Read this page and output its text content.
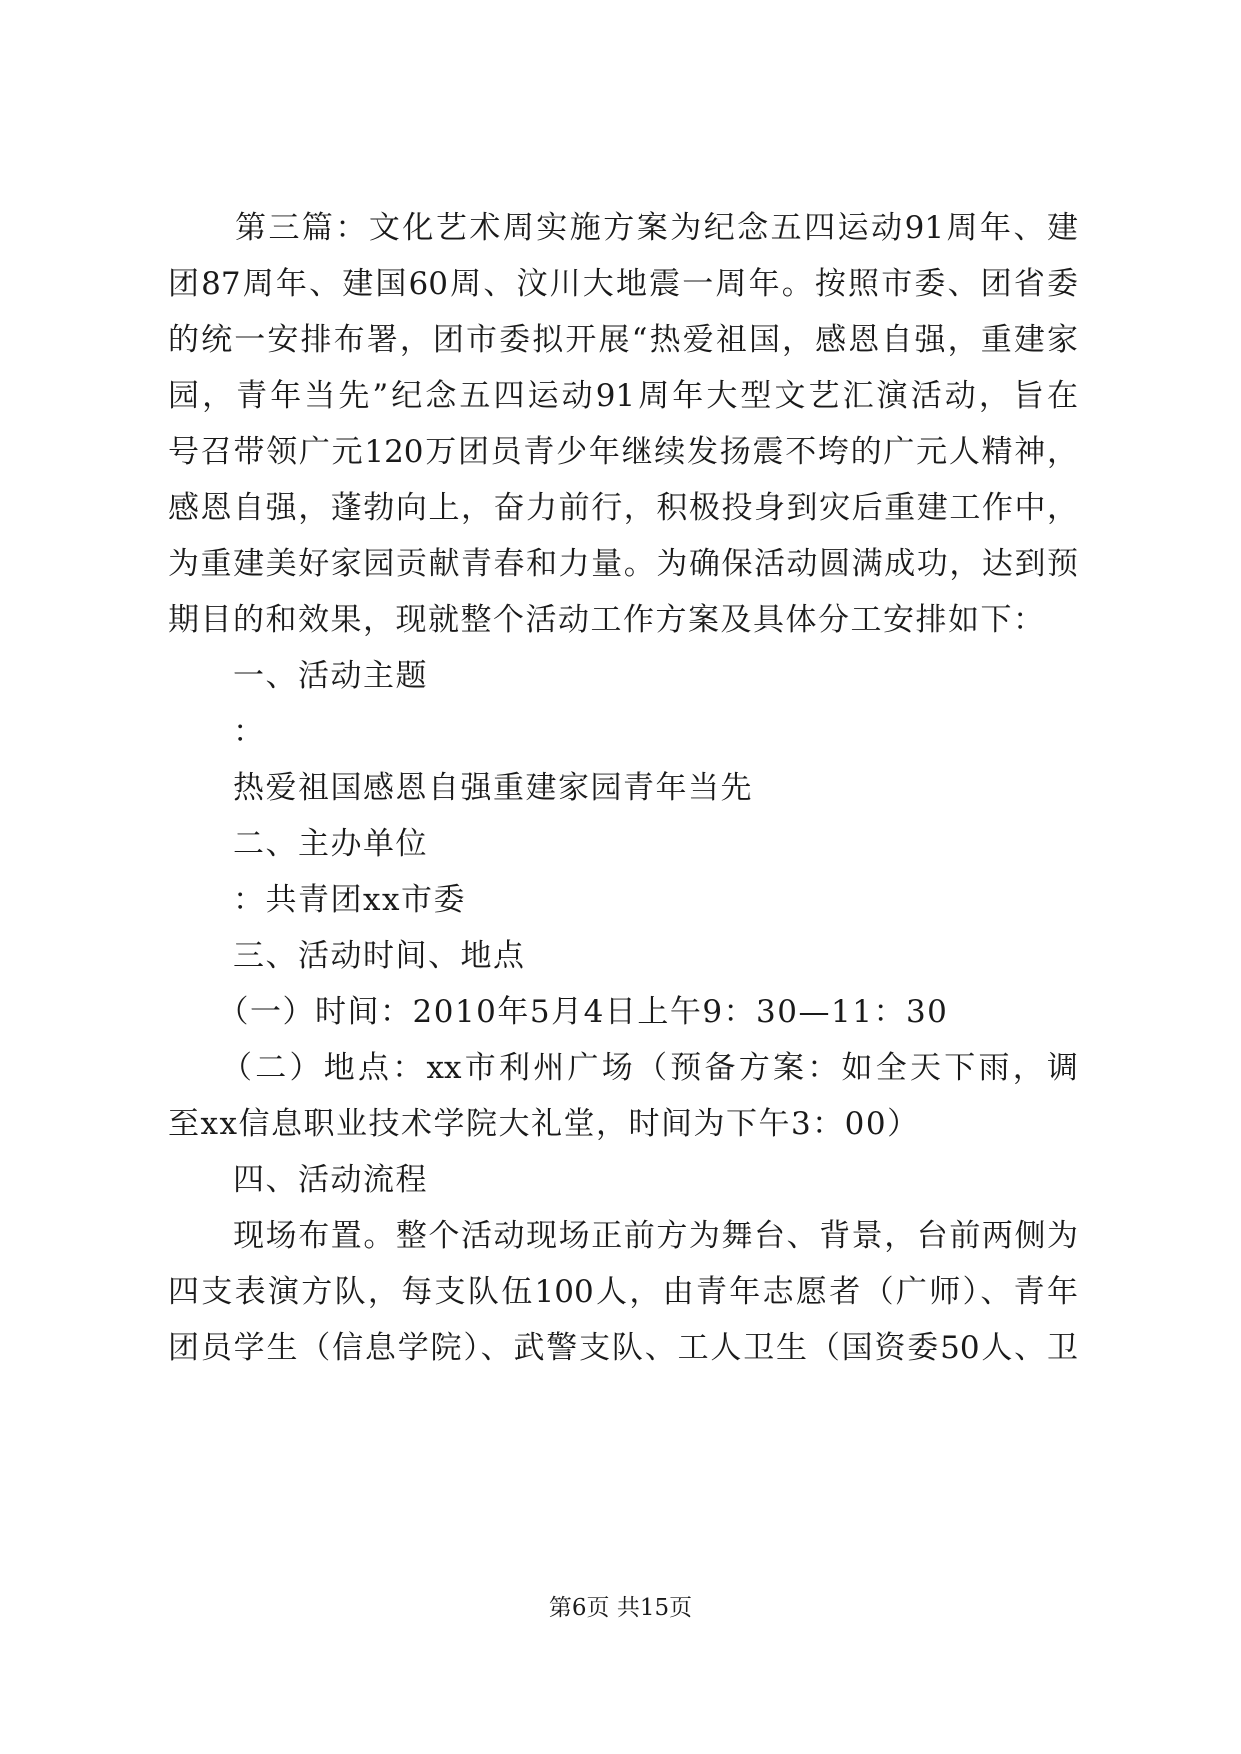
　　第三篇：文化艺术周实施方案为纪念五四运动91周年、建
团87周年、建国60周、汶川大地震一周年。按照市委、团省委
的统一安排布署，团市委拟开展“热爱祖国，感恩自强，重建家
园，青年当先”纪念五四运动91周年大型文艺汇演活动，旨在
号召带领广元120万团员青少年继续发扬震不垮的广元人精神，
感恩自强，蓬勃向上，奋力前行，积极投身到灾后重建工作中，
为重建美好家园贡献青春和力量。为确保活动圆满成功，达到预
期目的和效果，现就整个活动工作方案及具体分工安排如下：
　　一、活动主题
　　：
　　热爱祖国感恩自强重建家园青年当先
　　二、主办单位
　　：共青团xx市委
　　三、活动时间、地点
　　（一）时间：2010年5月4日上午9：30—11：30
　　（二）地点：xx市利州广场（预备方案：如全天下雨，调
至xx信息职业技术学院大礼堂，时间为下午3：00）
　　四、活动流程
　　现场布置。整个活动现场正前方为舞台、背景，台前两侧为
四支表演方队，每支队伍100人，由青年志愿者（广师）、青年
团员学生（信息学院）、武警支队、工人卫生（国资委50人、卫
第6页 共15页
